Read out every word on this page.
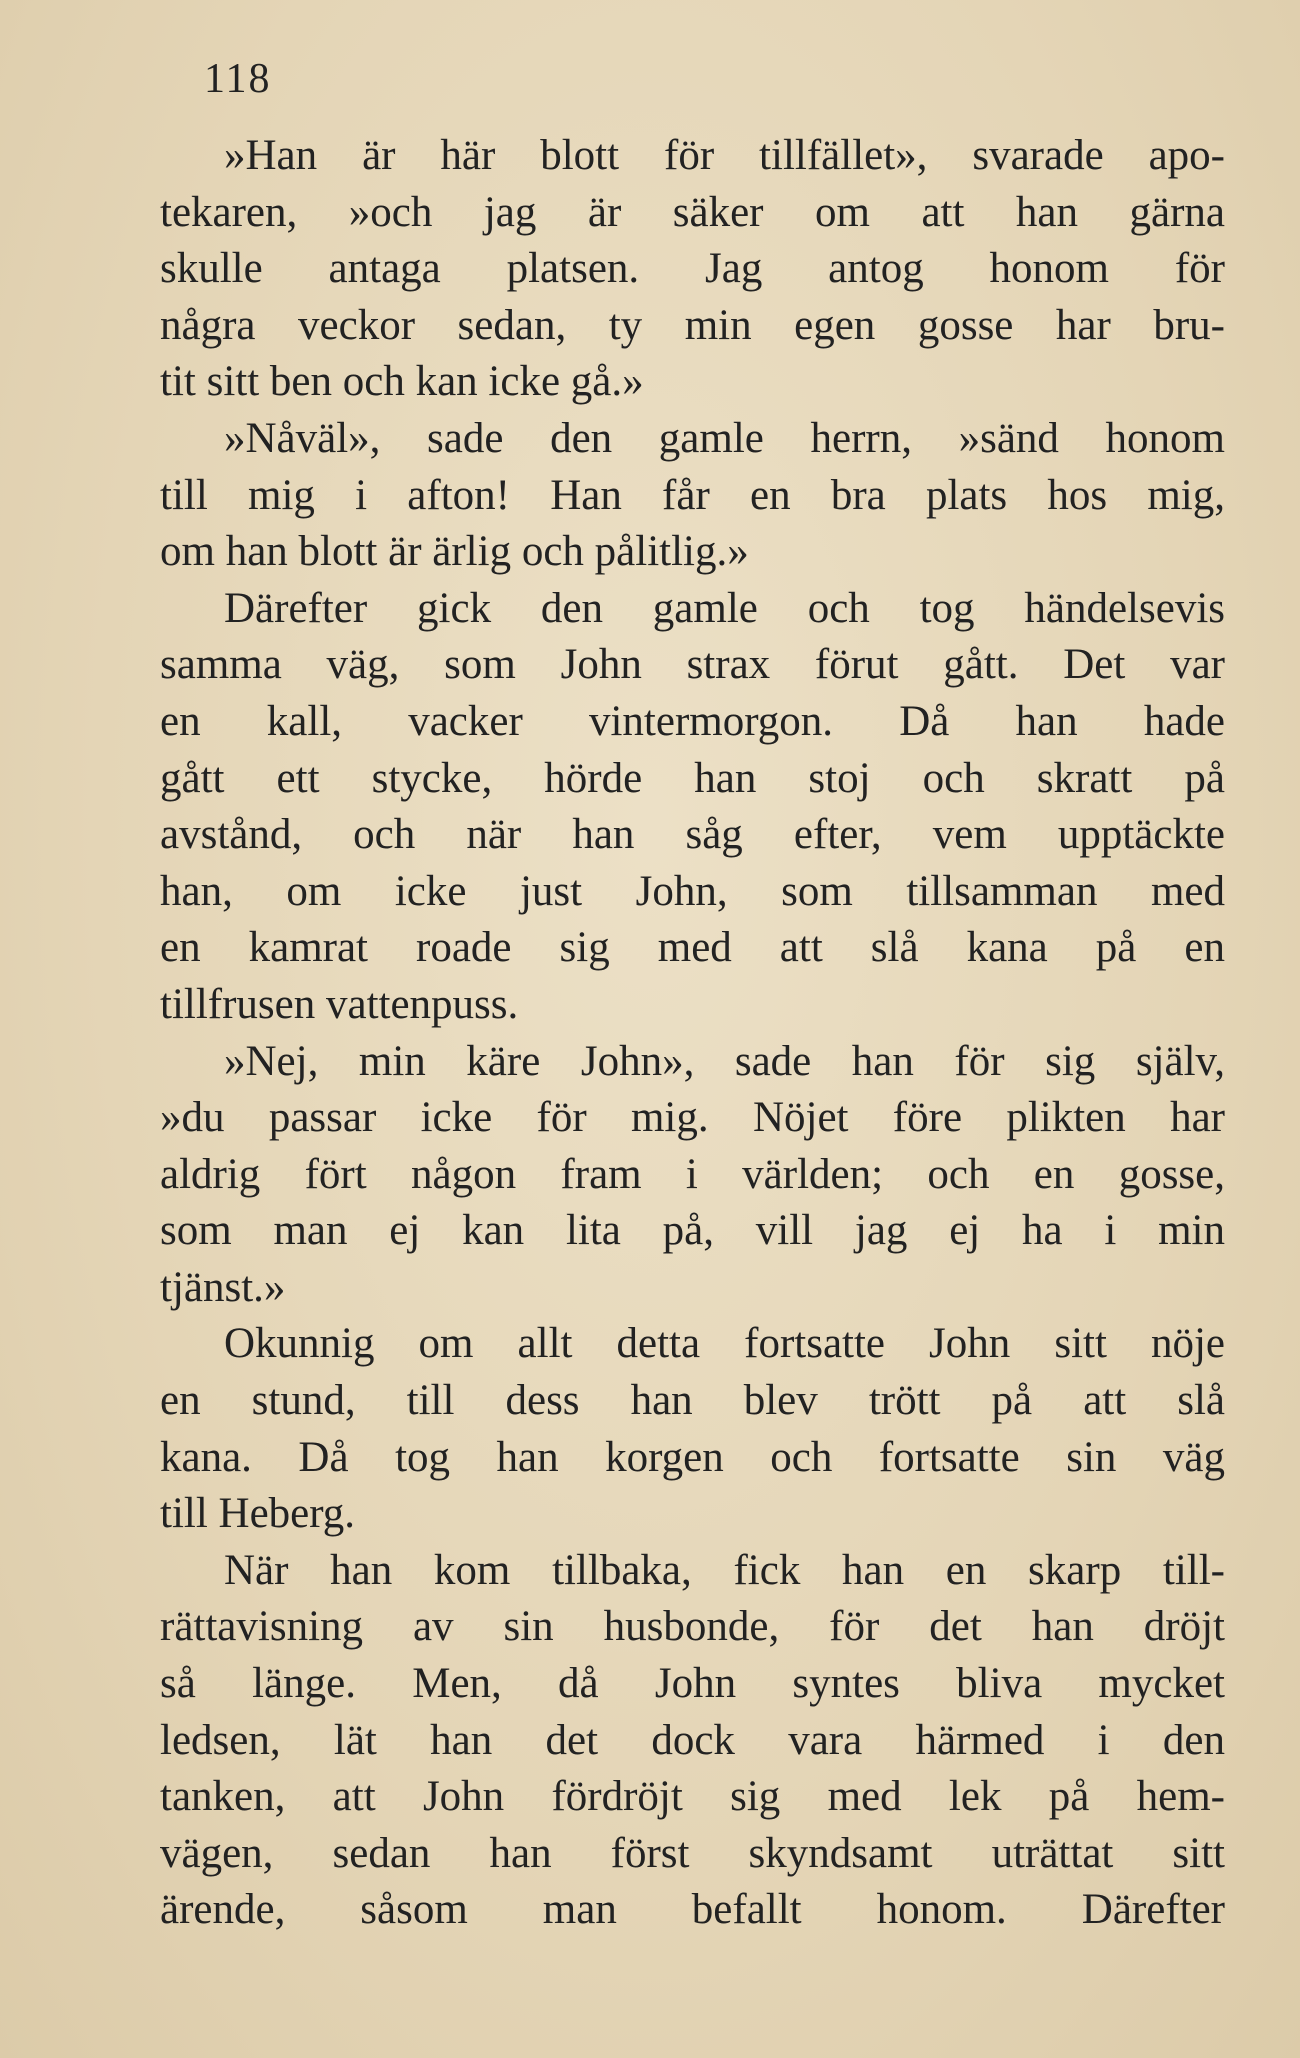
118
»Han är här blott för tillfället», svarade apo-
tekaren, »och jag är säker om att han gärna
skulle antaga platsen. Jag antog honom för
några veckor sedan, ty min egen gosse har bru-
tit sitt ben och kan icke gå.»
»Nåväl», sade den gamle herrn, »sänd honom
till mig i afton! Han får en bra plats hos mig,
om han blott är ärlig och pålitlig.»
Därefter gick den gamle och tog händelsevis
samma väg, som John strax förut gått. Det var
en kall, vacker vintermorgon. Då han hade
gått ett stycke, hörde han stoj och skratt på
avstånd, och när han såg efter, vem upptäckte
han, om icke just John, som tillsamman med
en kamrat roade sig med att slå kana på en
tillfrusen vattenpuss.
»Nej, min käre John», sade han för sig själv,
»du passar icke för mig. Nöjet före plikten har
aldrig fört någon fram i världen; och en gosse,
som man ej kan lita på, vill jag ej ha i min
tjänst.»
Okunnig om allt detta fortsatte John sitt nöje
en stund, till dess han blev trött på att slå
kana. Då tog han korgen och fortsatte sin väg
till Heberg.
När han kom tillbaka, fick han en skarp till-
rättavisning av sin husbonde, för det han dröjt
så länge. Men, då John syntes bliva mycket
ledsen, lät han det dock vara härmed i den
tanken, att John fördröjt sig med lek på hem-
vägen, sedan han först skyndsamt uträttat sitt
ärende, såsom man befallt honom. Därefter
